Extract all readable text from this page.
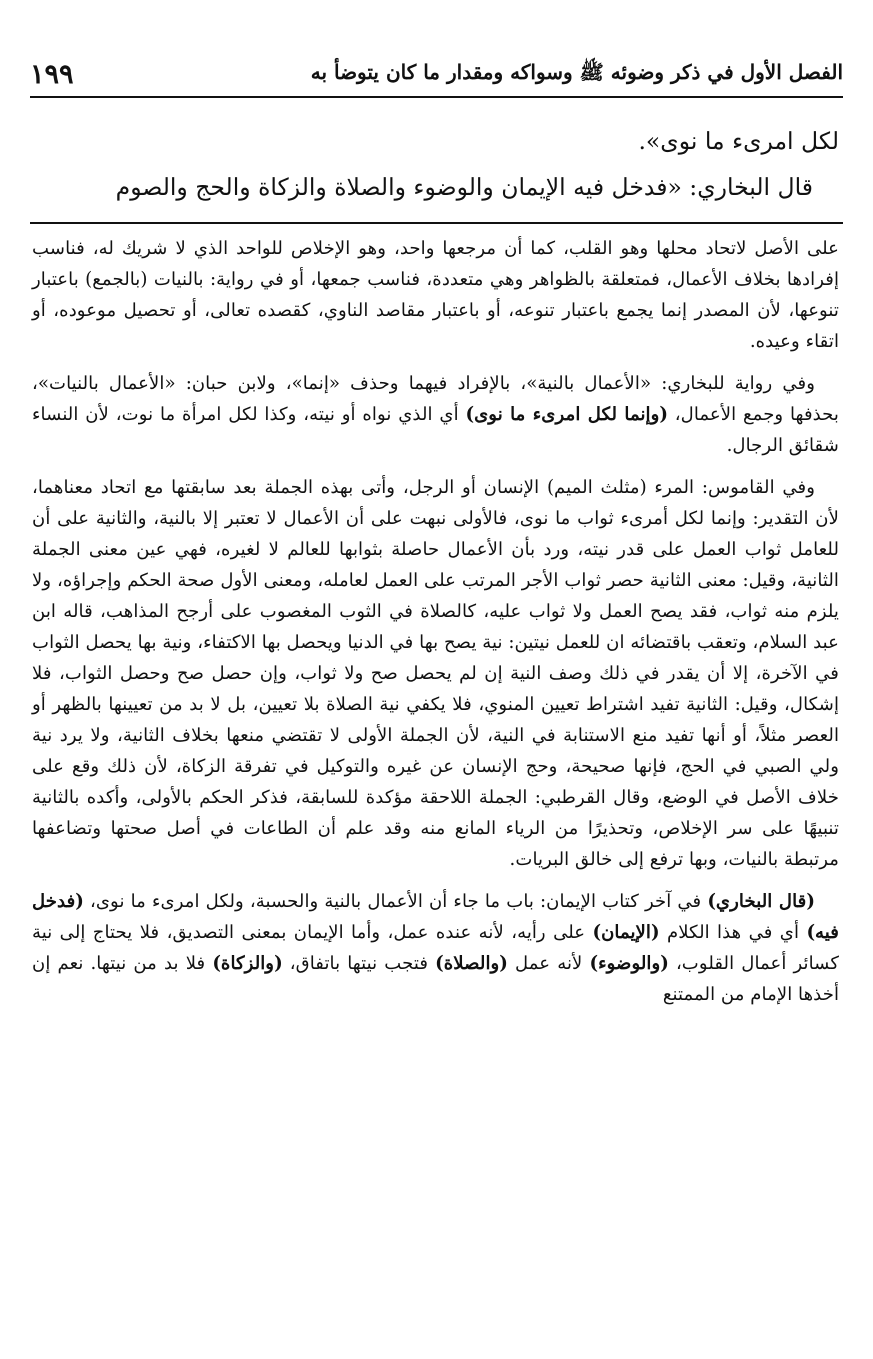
١٩٩	الفصل الأول في ذكر وضوئه ﷺ وسواكه ومقدار ما كان يتوضأ به

لكل امرىء ما نوى».

قال البخاري: «فدخل فيه الإيمان والوضوء والصلاة والزكاة والحج والصوم

على الأصل لاتحاد محلها وهو القلب، كما أن مرجعها واحد، وهو الإخلاص للواحد الذي لا شريك له، فناسب إفرادها بخلاف الأعمال، فمتعلقة بالظواهر وهي متعددة، فناسب جمعها، أو في رواية: بالنيات (بالجمع) باعتبار تنوعها، لأن المصدر إنما يجمع باعتبار تنوعه، أو باعتبار مقاصد الناوي، كقصده تعالى، أو تحصيل موعوده، أو اتقاء وعيده.

وفي رواية للبخاري: «الأعمال بالنية»، بالإفراد فيهما وحذف «إنما»، ولابن حبان: «الأعمال بالنيات»، بحذفها وجمع الأعمال، (وإنما لكل امرىء ما نوى) أي الذي نواه أو نيته، وكذا لكل امرأة ما نوت، لأن النساء شقائق الرجال.

وفي القاموس: المرء (مثلث الميم) الإنسان أو الرجل، وأتى بهذه الجملة بعد سابقتها مع اتحاد معناهما، لأن التقدير: وإنما لكل أمرىء ثواب ما نوى، فالأولى نبهت على أن الأعمال لا تعتبر إلا بالنية، والثانية على أن للعامل ثواب العمل على قدر نيته، ورد بأن الأعمال حاصلة بثوابها للعالم لا لغيره، فهي عين معنى الجملة الثانية، وقيل: معنى الثانية حصر ثواب الأجر المرتب على العمل لعامله، ومعنى الأول صحة الحكم وإجراؤه، ولا يلزم منه ثواب، فقد يصح العمل ولا ثواب عليه، كالصلاة في الثوب المغصوب على أرجح المذاهب، قاله ابن عبد السلام، وتعقب باقتضائه ان للعمل نيتين: نية يصح بها في الدنيا ويحصل بها الاكتفاء، ونية بها يحصل الثواب في الآخرة، إلا أن يقدر في ذلك وصف النية إن لم يحصل صح ولا ثواب، وإن حصل صح وحصل الثواب، فلا إشكال، وقيل: الثانية تفيد اشتراط تعيين المنوي، فلا يكفي نية الصلاة بلا تعيين، بل لا بد من تعيينها بالظهر أو العصر مثلاً، أو أنها تفيد منع الاستنابة في النية، لأن الجملة الأولى لا تقتضي منعها بخلاف الثانية، ولا يرد نية ولي الصبي في الحج، فإنها صحيحة، وحج الإنسان عن غيره والتوكيل في تفرقة الزكاة، لأن ذلك وقع على خلاف الأصل في الوضع، وقال القرطبي: الجملة اللاحقة مؤكدة للسابقة، فذكر الحكم بالأولى، وأكده بالثانية تنبيهًا على سر الإخلاص، وتحذيرًا من الرياء المانع منه وقد علم أن الطاعات في أصل صحتها وتضاعفها مرتبطة بالنيات، وبها ترفع إلى خالق البريات.

(قال البخاري) في آخر كتاب الإيمان: باب ما جاء أن الأعمال بالنية والحسبة، ولكل امرىء ما نوى، (فدخل فيه) أي في هذا الكلام (الإيمان) على رأيه، لأنه عنده عمل، وأما الإيمان بمعنى التصديق، فلا يحتاج إلى نية كسائر أعمال القلوب، (والوضوء) لأنه عمل (والصلاة) فتجب نيتها باتفاق، (والزكاة) فلا بد من نيتها. نعم إن أخذها الإمام من الممتنع
